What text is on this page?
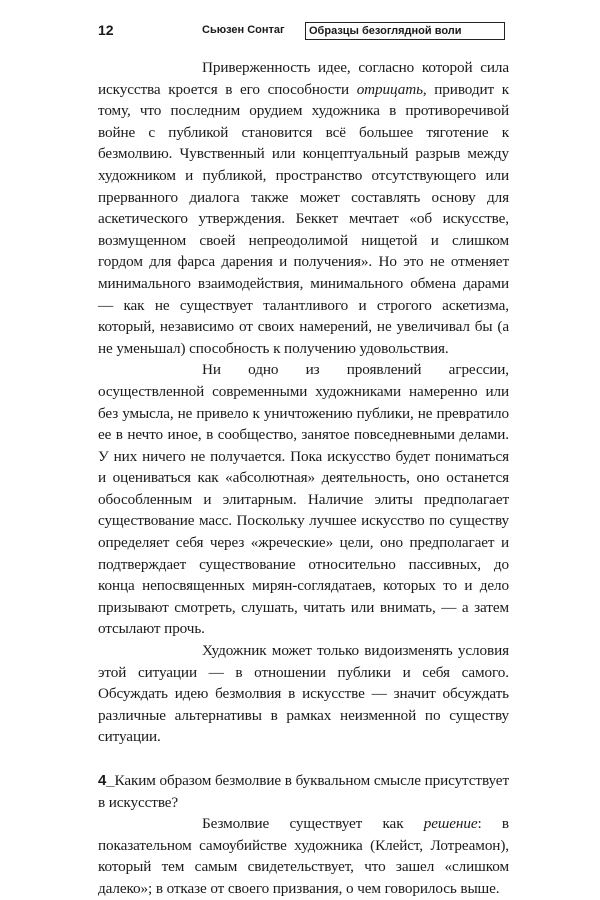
12	Сьюзен Сонтаг	Образцы безоглядной воли

Приверженность идее, согласно которой сила искусства кроется в его способности отрицать, приводит к тому, что последним орудием художника в противоречивой войне с публикой становится всё большее тяготение к безмолвию. Чувственный или концептуальный разрыв между художником и публикой, пространство отсутствующего или прерванного диалога также может составлять основу для аскетического утверждения. Беккет мечтает «об искусстве, возмущенном своей непреодолимой нищетой и слишком гордом для фарса дарения и получения». Но это не отменяет минимального взаимодействия, минимального обмена дарами — как не существует талантливого и строгого аскетизма, который, независимо от своих намерений, не увеличивал бы (а не уменьшал) способность к получению удовольствия.

Ни одно из проявлений агрессии, осуществленной современными художниками намеренно или без умысла, не привело к уничтожению публики, не превратило ее в нечто иное, в сообщество, занятое повседневными делами. У них ничего не получается. Пока искусство будет пониматься и оцениваться как «абсолютная» деятельность, оно останется обособленным и элитарным. Наличие элиты предполагает существование масс. Поскольку лучшее искусство по существу определяет себя через «жреческие» цели, оно предполагает и подтверждает существование относительно пассивных, до конца непосвященных мирян-соглядатаев, которых то и дело призывают смотреть, слушать, читать или внимать, — а затем отсылают прочь.

Художник может только видоизменять условия этой ситуации — в отношении публики и себя самого. Обсуждать идею безмолвия в искусстве — значит обсуждать различные альтернативы в рамках неизменной по существу ситуации.

4_Каким образом безмолвие в буквальном смысле присутствует в искусстве?

Безмолвие существует как решение: в показательном самоубийстве художника (Клейст, Лотреамон), который тем самым свидетельствует, что зашел «слишком далеко»; в отказе от своего призвания, о чем говорилось выше.
